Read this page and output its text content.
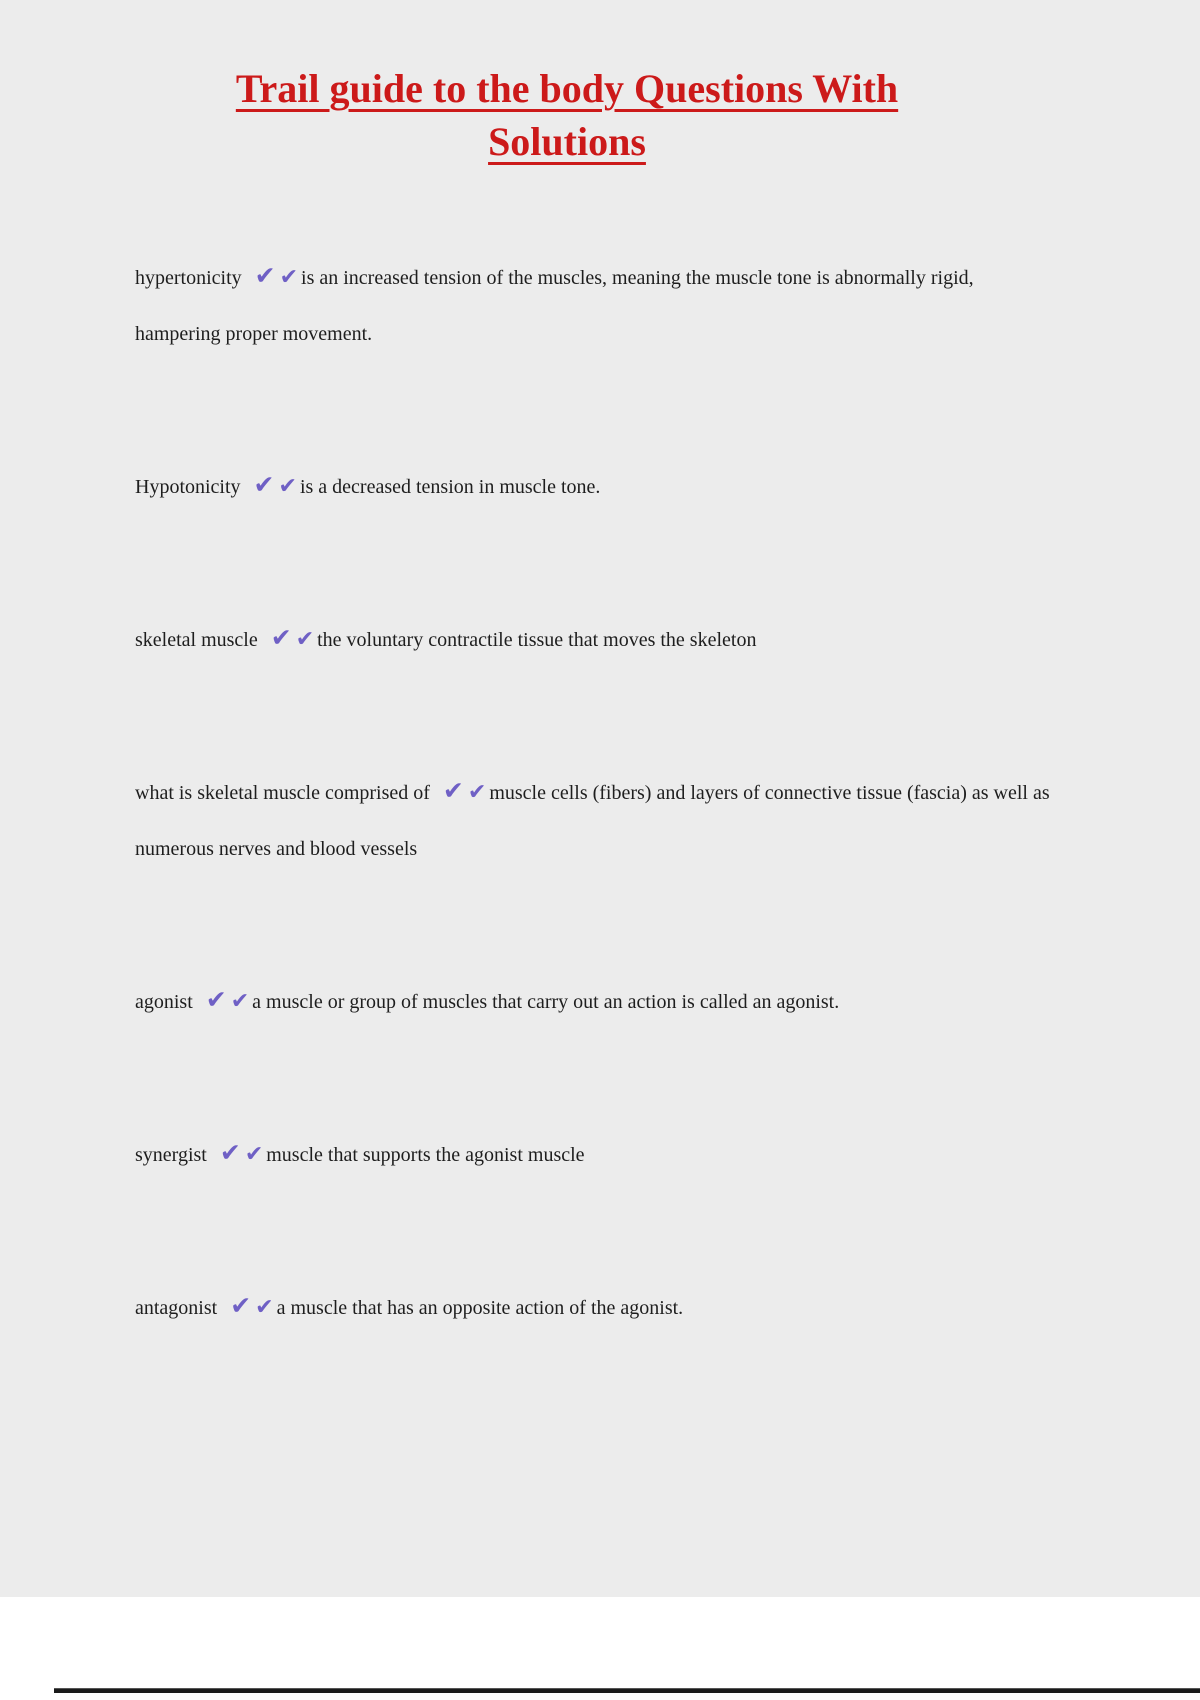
Trail guide to the body Questions With Solutions

hypertonicity ✔ ✔ is an increased tension of the muscles, meaning the muscle tone is abnormally rigid, hampering proper movement.

Hypotonicity ✔ ✔ is a decreased tension in muscle tone.

skeletal muscle ✔ ✔ the voluntary contractile tissue that moves the skeleton

what is skeletal muscle comprised of ✔ ✔ muscle cells (fibers) and layers of connective tissue (fascia) as well as numerous nerves and blood vessels

agonist ✔ ✔ a muscle or group of muscles that carry out an action is called an agonist.

synergist ✔ ✔ muscle that supports the agonist muscle

antagonist ✔ ✔ a muscle that has an opposite action of the agonist.
